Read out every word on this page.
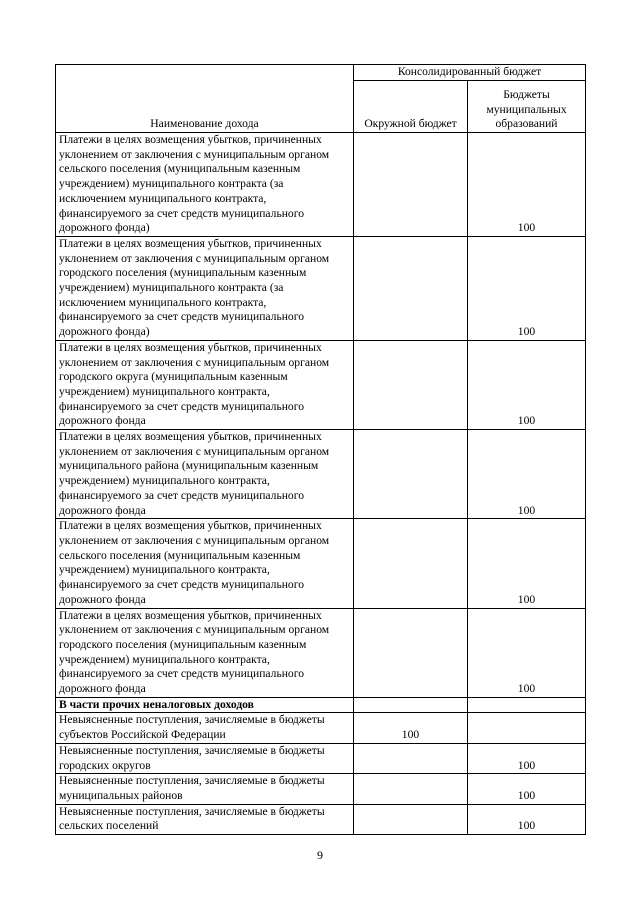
Наименование дохода	Консолидированный бюджет	
	Окружной бюджет	Бюджеты муниципальных образований
Платежи в целях возмещения убытков, причиненных уклонением от заключения с муниципальным органом сельского поселения (муниципальным казенным учреждением) муниципального контракта (за исключением муниципального контракта, финансируемого за счет средств муниципального дорожного фонда)		100
Платежи в целях возмещения убытков, причиненных уклонением от заключения с муниципальным органом городского поселения (муниципальным казенным учреждением) муниципального контракта (за исключением муниципального контракта, финансируемого за счет средств муниципального дорожного фонда)		100
Платежи в целях возмещения убытков, причиненных уклонением от заключения с муниципальным органом городского округа (муниципальным казенным учреждением) муниципального контракта, финансируемого за счет средств муниципального дорожного фонда		100
Платежи в целях возмещения убытков, причиненных уклонением от заключения с муниципальным органом муниципального района (муниципальным казенным учреждением) муниципального контракта, финансируемого за счет средств муниципального дорожного фонда		100
Платежи в целях возмещения убытков, причиненных уклонением от заключения с муниципальным органом сельского поселения (муниципальным казенным учреждением) муниципального контракта, финансируемого за счет средств муниципального дорожного фонда		100
Платежи в целях возмещения убытков, причиненных уклонением от заключения с муниципальным органом городского поселения (муниципальным казенным учреждением) муниципального контракта, финансируемого за счет средств муниципального дорожного фонда		100
В части прочих неналоговых доходов		
Невыясненные поступления, зачисляемые в бюджеты субъектов Российской Федерации	100	
Невыясненные поступления, зачисляемые в бюджеты городских округов		100
Невыясненные поступления, зачисляемые в бюджеты муниципальных районов		100
Невыясненные поступления, зачисляемые в бюджеты сельских поселений		100
9
